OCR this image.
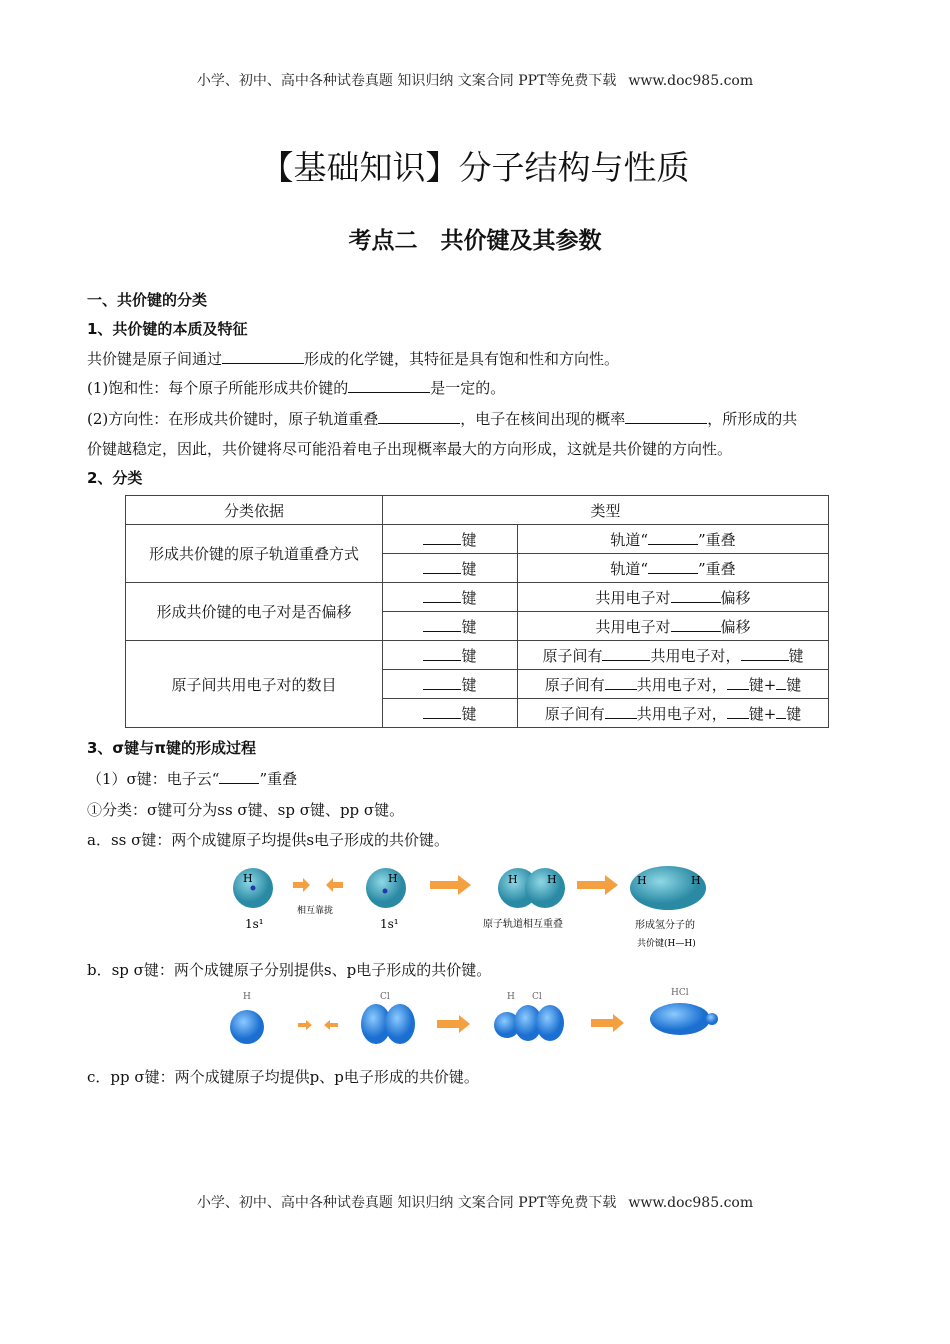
小学、初中、高中各种试卷真题 知识归纳 文案合同 PPT等免费下载 www.doc985.com
【基础知识】分子结构与性质
考点二　共价键及其参数
一、共价键的分类
1、共价键的本质及特征
共价键是原子间通过	形成的化学键，其特征是具有饱和性和方向性。
(1)饱和性：每个原子所能形成共价键的	是一定的。
(2)方向性：在形成共价键时，原子轨道重叠	，电子在核间出现的概率	，所形成的共
价键越稳定，因此，共价键将尽可能沿着电子出现概率最大的方向形成，这就是共价键的方向性。
2、分类
分类依据	类型	
形成共价键的原子轨道重叠方式	键	轨道“ ”重叠
	键	轨道“ ”重叠
形成共价键的电子对是否偏移	键	共用电子对 偏移
	键	共用电子对 偏移
原子间共用电子对的数目	键	原子间有 共用电子对， 键
	键	原子间有 共用电子对， 键+ 键
	键	原子间有 共用电子对， 键+ 键
3、σ键与π键的形成过程
（1）σ键：电子云“	”重叠
①分类：σ键可分为ss σ键、sp σ键、pp σ键。
a．ss σ键：两个成键原子均提供s电子形成的共价键。
H
相互靠拢
1s¹
H
1s¹
H	H
原子轨道相互重叠
H	H
形成氢分子的
共价键(H—H)
b．sp σ键：两个成键原子分别提供s、p电子形成的共价键。
H	Cl	H Cl	HCl
c．pp σ键：两个成键原子均提供p、p电子形成的共价键。
小学、初中、高中各种试卷真题 知识归纳 文案合同 PPT等免费下载 www.doc985.com
